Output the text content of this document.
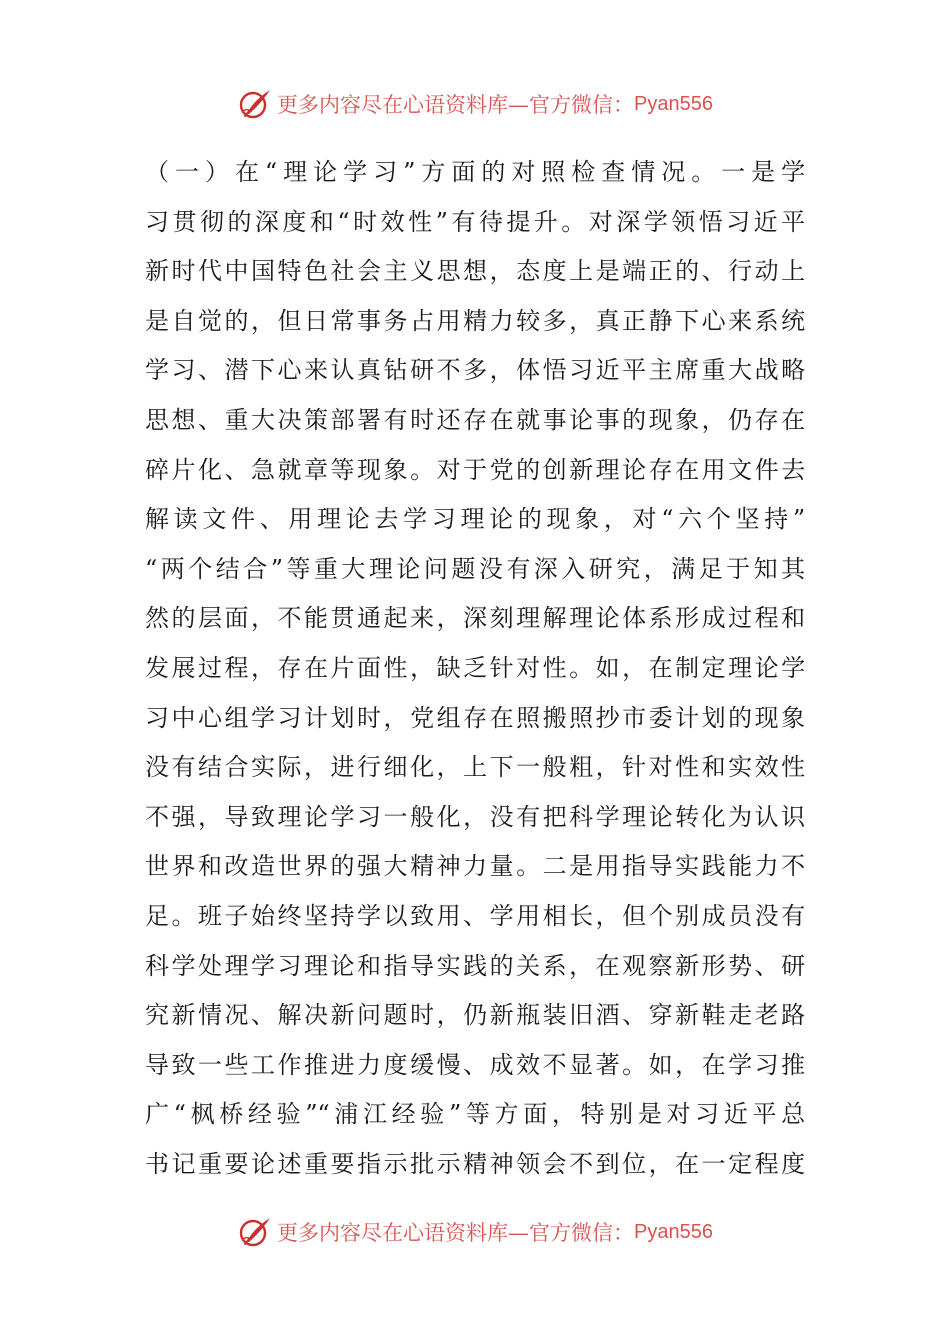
更多内容尽在心语资料库—官方微信： Pyan556
（一）在“理论学习”方面的对照检查情况。一是学
习贯彻的深度和“时效性”有待提升。对深学领悟习近平
新时代中国特色社会主义思想，态度上是端正的、行动上
是自觉的，但日常事务占用精力较多，真正静下心来系统
学习、潜下心来认真钻研不多，体悟习近平主席重大战略
思想、重大决策部署有时还存在就事论事的现象，仍存在
碎片化、急就章等现象。对于党的创新理论存在用文件去
解读文件、用理论去学习理论的现象，对“六个坚持”
“两个结合”等重大理论问题没有深入研究，满足于知其
然的层面，不能贯通起来，深刻理解理论体系形成过程和
发展过程，存在片面性，缺乏针对性。如，在制定理论学
习中心组学习计划时，党组存在照搬照抄市委计划的现象
没有结合实际，进行细化，上下一般粗，针对性和实效性
不强，导致理论学习一般化，没有把科学理论转化为认识
世界和改造世界的强大精神力量。二是用指导实践能力不
足。班子始终坚持学以致用、学用相长，但个别成员没有
科学处理学习理论和指导实践的关系，在观察新形势、研
究新情况、解决新问题时，仍新瓶装旧酒、穿新鞋走老路
导致一些工作推进力度缓慢、成效不显著。如，在学习推
广“枫桥经验”“浦江经验”等方面，特别是对习近平总
书记重要论述重要指示批示精神领会不到位，在一定程度
更多内容尽在心语资料库—官方微信： Pyan556
